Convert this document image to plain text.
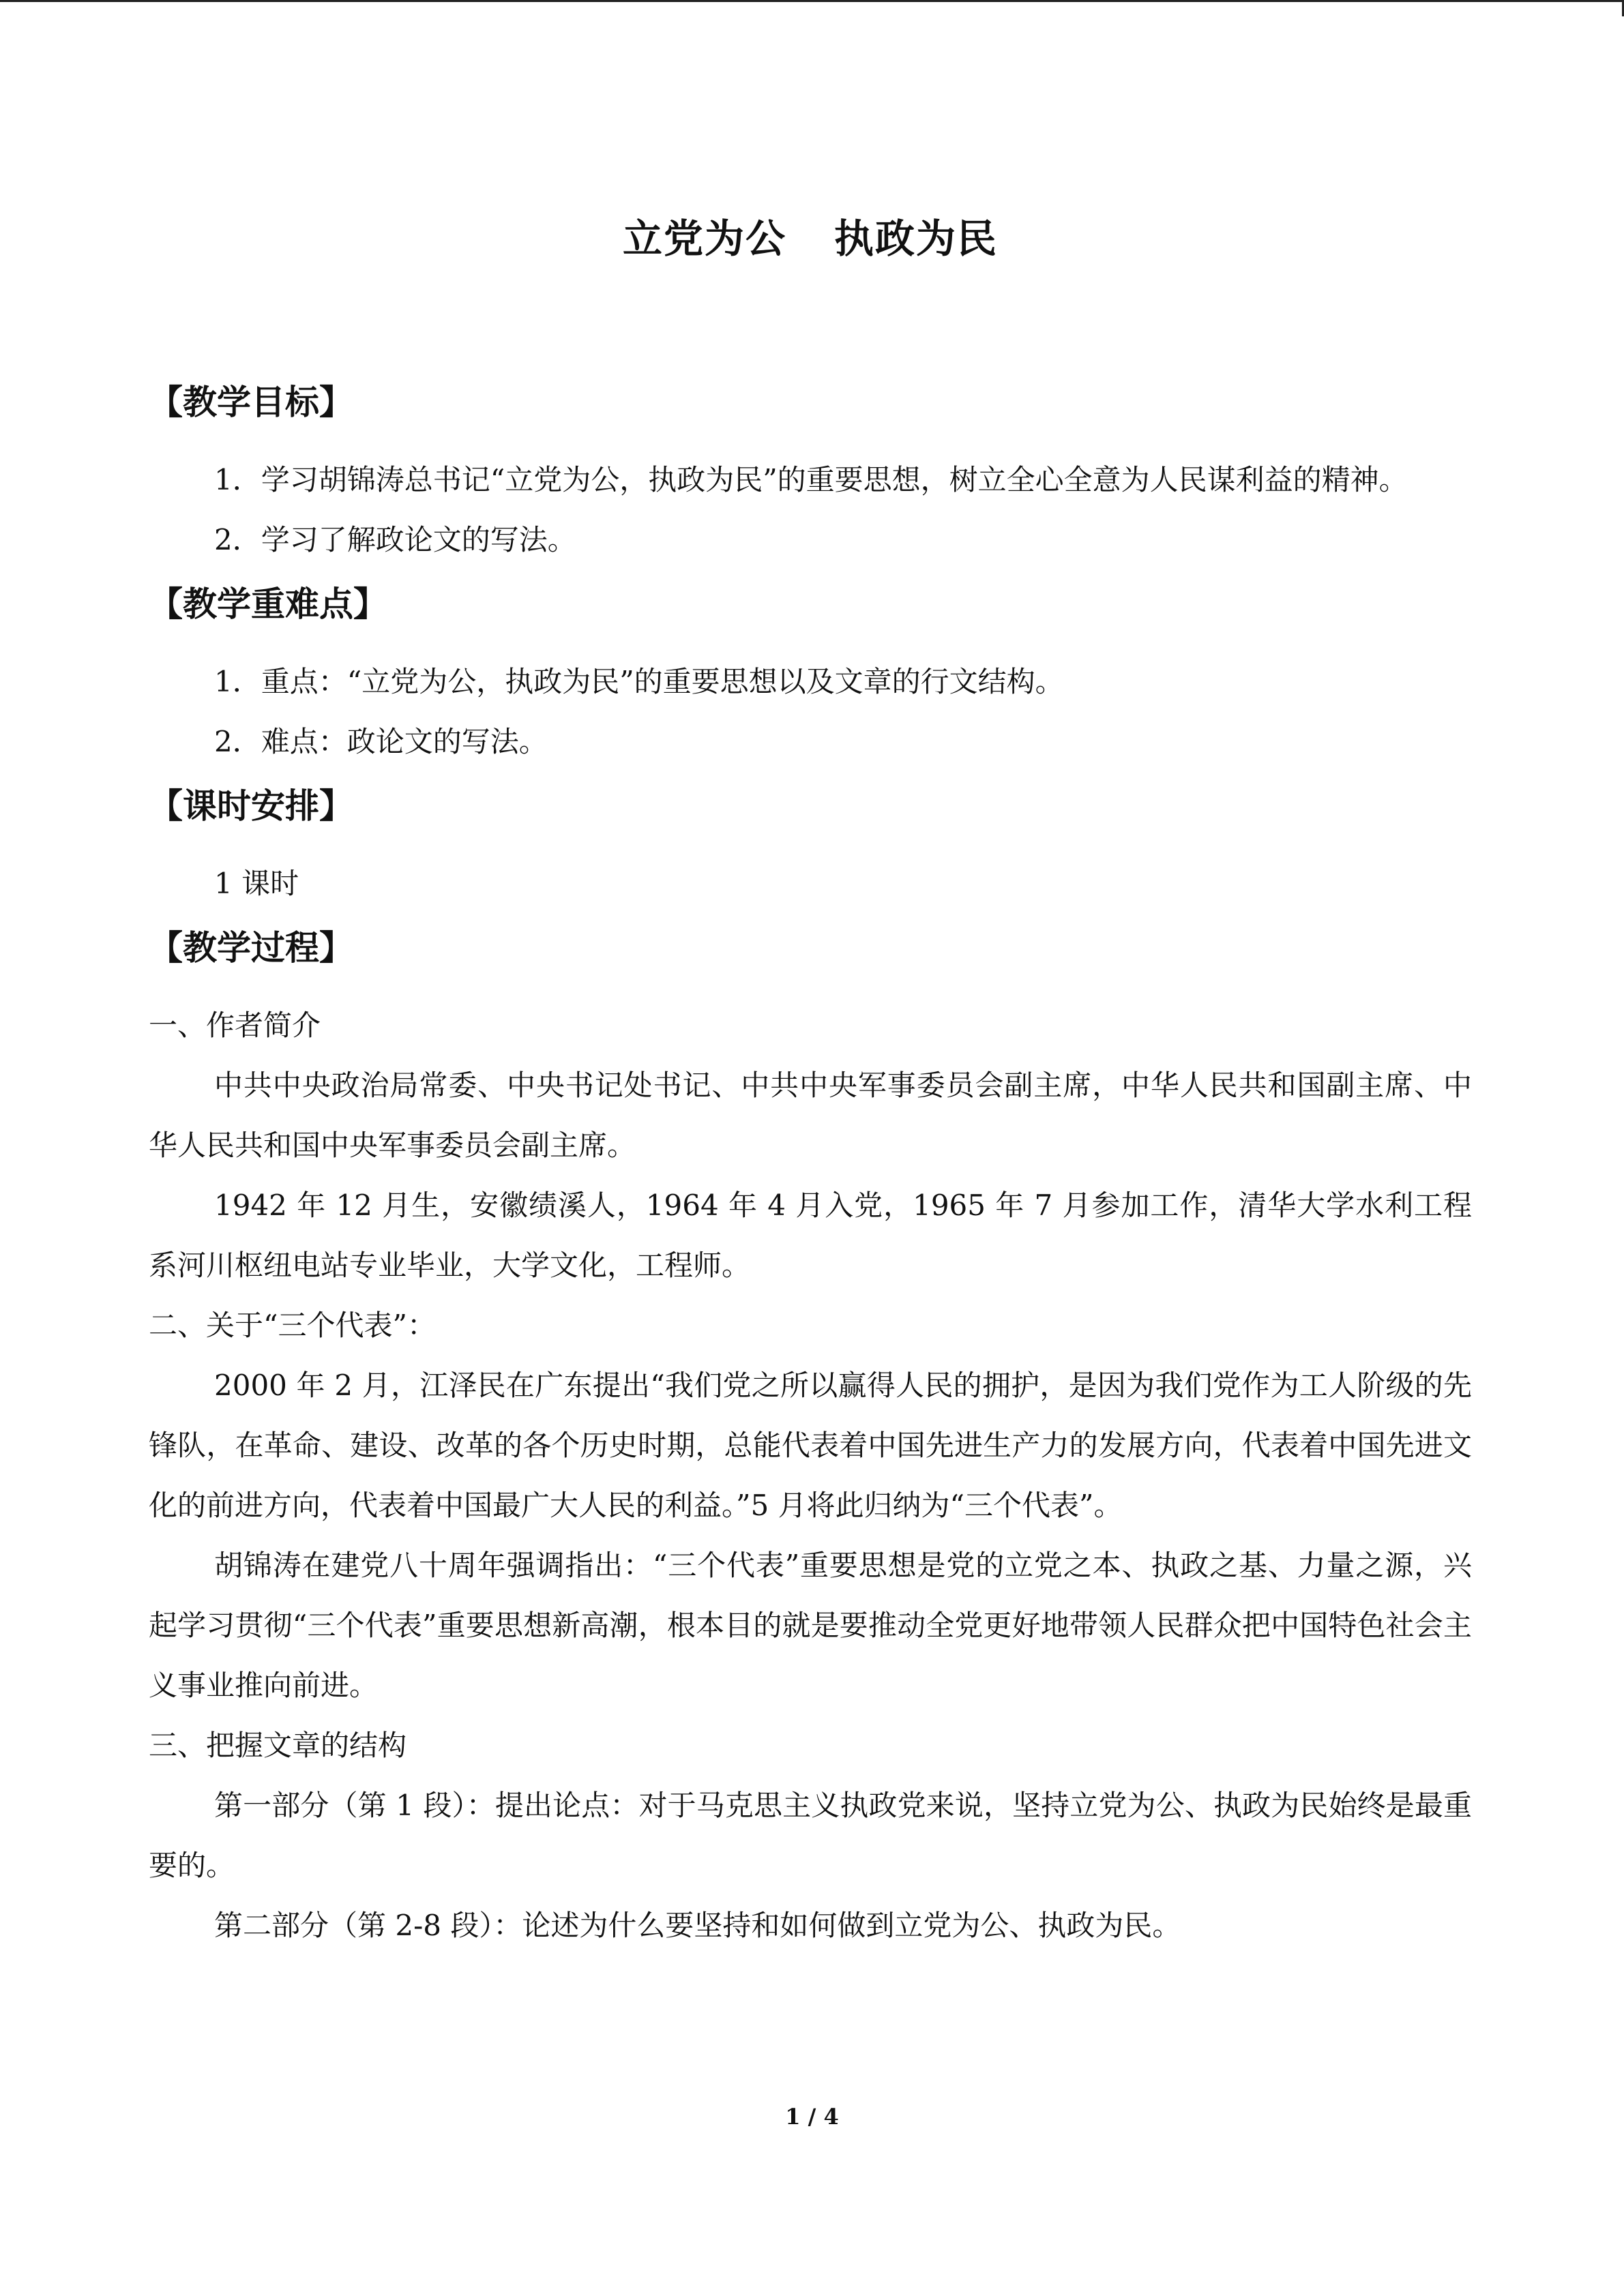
立党为公 执政为民
【教学目标】

1．学习胡锦涛总书记“立党为公，执政为民”的重要思想，树立全心全意为人民谋利益的精神。

2．学习了解政论文的写法。

【教学重难点】

1．重点：“立党为公，执政为民”的重要思想以及文章的行文结构。

2．难点：政论文的写法。

【课时安排】

1 课时

【教学过程】

一、作者简介

中共中央政治局常委、中央书记处书记、中共中央军事委员会副主席，中华人民共和国副主席、中华人民共和国中央军事委员会副主席。

1942 年 12 月生，安徽绩溪人，1964 年 4 月入党，1965 年 7 月参加工作，清华大学水利工程系河川枢纽电站专业毕业，大学文化，工程师。

二、关于“三个代表”：

2000 年 2 月，江泽民在广东提出“我们党之所以赢得人民的拥护，是因为我们党作为工人阶级的先锋队，在革命、建设、改革的各个历史时期，总能代表着中国先进生产力的发展方向，代表着中国先进文化的前进方向，代表着中国最广大人民的利益。”5 月将此归纳为“三个代表”。

胡锦涛在建党八十周年强调指出：“三个代表”重要思想是党的立党之本、执政之基、力量之源，兴起学习贯彻“三个代表”重要思想新高潮，根本目的就是要推动全党更好地带领人民群众把中国特色社会主义事业推向前进。

三、把握文章的结构

第一部分（第 1 段）：提出论点：对于马克思主义执政党来说，坚持立党为公、执政为民始终是最重要的。

第二部分（第 2-8 段）：论述为什么要坚持和如何做到立党为公、执政为民。

1 / 4
